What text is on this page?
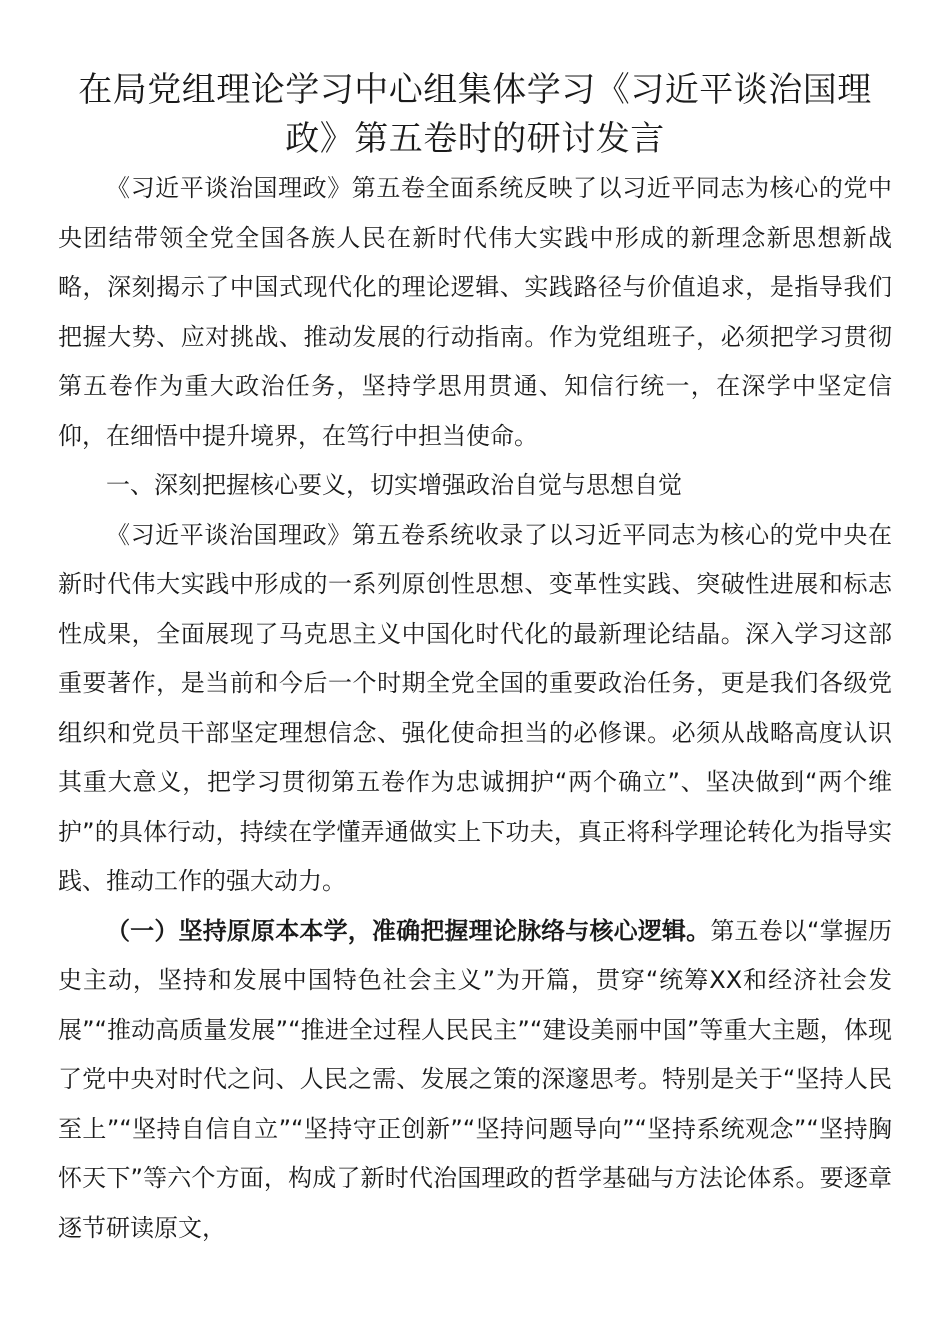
在局党组理论学习中心组集体学习《习近平谈治国理政》第五卷时的研讨发言

《习近平谈治国理政》第五卷全面系统反映了以习近平同志为核心的党中央团结带领全党全国各族人民在新时代伟大实践中形成的新理念新思想新战略，深刻揭示了中国式现代化的理论逻辑、实践路径与价值追求，是指导我们把握大势、应对挑战、推动发展的行动指南。作为党组班子，必须把学习贯彻第五卷作为重大政治任务，坚持学思用贯通、知信行统一，在深学中坚定信仰，在细悟中提升境界，在笃行中担当使命。

一、深刻把握核心要义，切实增强政治自觉与思想自觉

《习近平谈治国理政》第五卷系统收录了以习近平同志为核心的党中央在新时代伟大实践中形成的一系列原创性思想、变革性实践、突破性进展和标志性成果，全面展现了马克思主义中国化时代化的最新理论结晶。深入学习这部重要著作，是当前和今后一个时期全党全国的重要政治任务，更是我们各级党组织和党员干部坚定理想信念、强化使命担当的必修课。必须从战略高度认识其重大意义，把学习贯彻第五卷作为忠诚拥护“两个确立”、坚决做到“两个维护”的具体行动，持续在学懂弄通做实上下功夫，真正将科学理论转化为指导实践、推动工作的强大动力。

（一）坚持原原本本学，准确把握理论脉络与核心逻辑。第五卷以“掌握历史主动，坚持和发展中国特色社会主义”为开篇，贯穿“统筹XX和经济社会发展”“推动高质量发展”“推进全过程人民民主”“建设美丽中国”等重大主题，体现了党中央对时代之问、人民之需、发展之策的深邃思考。特别是关于“坚持人民至上”“坚持自信自立”“坚持守正创新”“坚持问题导向”“坚持系统观念”“坚持胸怀天下”等六个方面，构成了新时代治国理政的哲学基础与方法论体系。要逐章逐节研读原文，
